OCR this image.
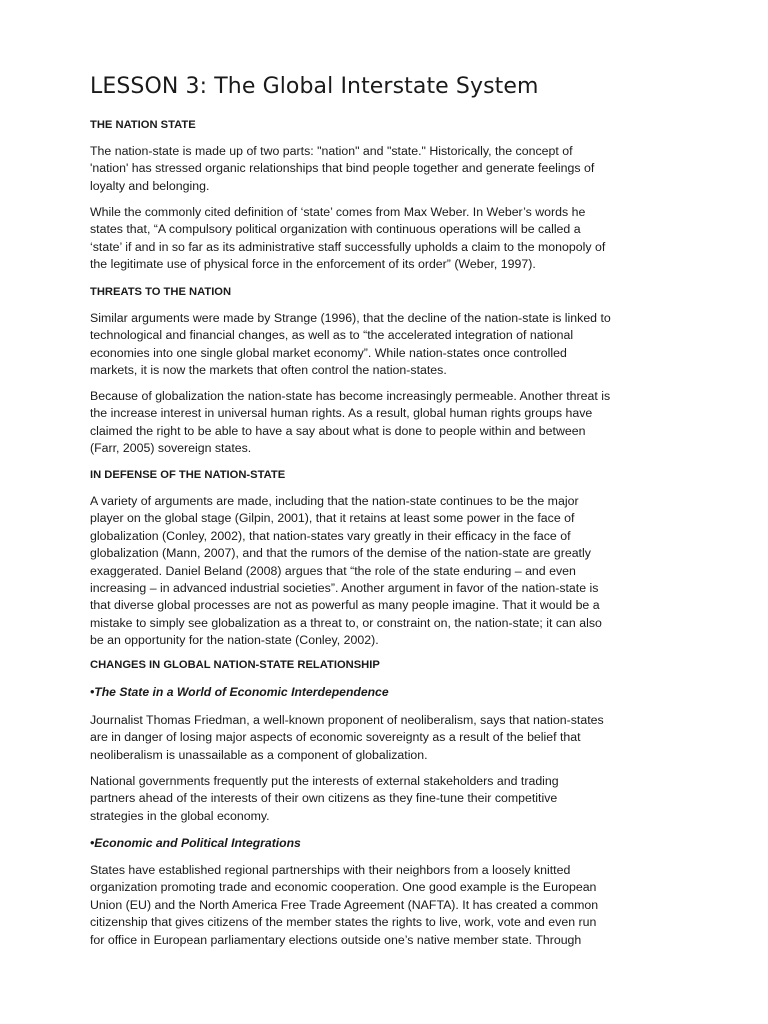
LESSON 3: The Global Interstate System
THE NATION STATE

The nation-state is made up of two parts: "nation" and "state." Historically, the concept of
'nation' has stressed organic relationships that bind people together and generate feelings of
loyalty and belonging.

While the commonly cited definition of ‘state’ comes from Max Weber. In Weber’s words he
states that, “A compulsory political organization with continuous operations will be called a
‘state’ if and in so far as its administrative staff successfully upholds a claim to the monopoly of
the legitimate use of physical force in the enforcement of its order” (Weber, 1997).

THREATS TO THE NATION

Similar arguments were made by Strange (1996), that the decline of the nation-state is linked to
technological and financial changes, as well as to “the accelerated integration of national
economies into one single global market economy”. While nation-states once controlled
markets, it is now the markets that often control the nation-states.

Because of globalization the nation-state has become increasingly permeable. Another threat is
the increase interest in universal human rights. As a result, global human rights groups have
claimed the right to be able to have a say about what is done to people within and between
(Farr, 2005) sovereign states.

IN DEFENSE OF THE NATION-STATE

A variety of arguments are made, including that the nation-state continues to be the major
player on the global stage (Gilpin, 2001), that it retains at least some power in the face of
globalization (Conley, 2002), that nation-states vary greatly in their efficacy in the face of
globalization (Mann, 2007), and that the rumors of the demise of the nation-state are greatly
exaggerated. Daniel Beland (2008) argues that “the role of the state enduring – and even
increasing – in advanced industrial societies”. Another argument in favor of the nation-state is
that diverse global processes are not as powerful as many people imagine. That it would be a
mistake to simply see globalization as a threat to, or constraint on, the nation-state; it can also
be an opportunity for the nation-state (Conley, 2002).

CHANGES IN GLOBAL NATION-STATE RELATIONSHIP
•The State in a World of Economic Interdependence

Journalist Thomas Friedman, a well-known proponent of neoliberalism, says that nation-states
are in danger of losing major aspects of economic sovereignty as a result of the belief that
neoliberalism is unassailable as a component of globalization.

National governments frequently put the interests of external stakeholders and trading
partners ahead of the interests of their own citizens as they fine-tune their competitive
strategies in the global economy.

•Economic and Political Integrations

States have established regional partnerships with their neighbors from a loosely knitted
organization promoting trade and economic cooperation. One good example is the European
Union (EU) and the North America Free Trade Agreement (NAFTA). It has created a common
citizenship that gives citizens of the member states the rights to live, work, vote and even run
for office in European parliamentary elections outside one’s native member state. Through
